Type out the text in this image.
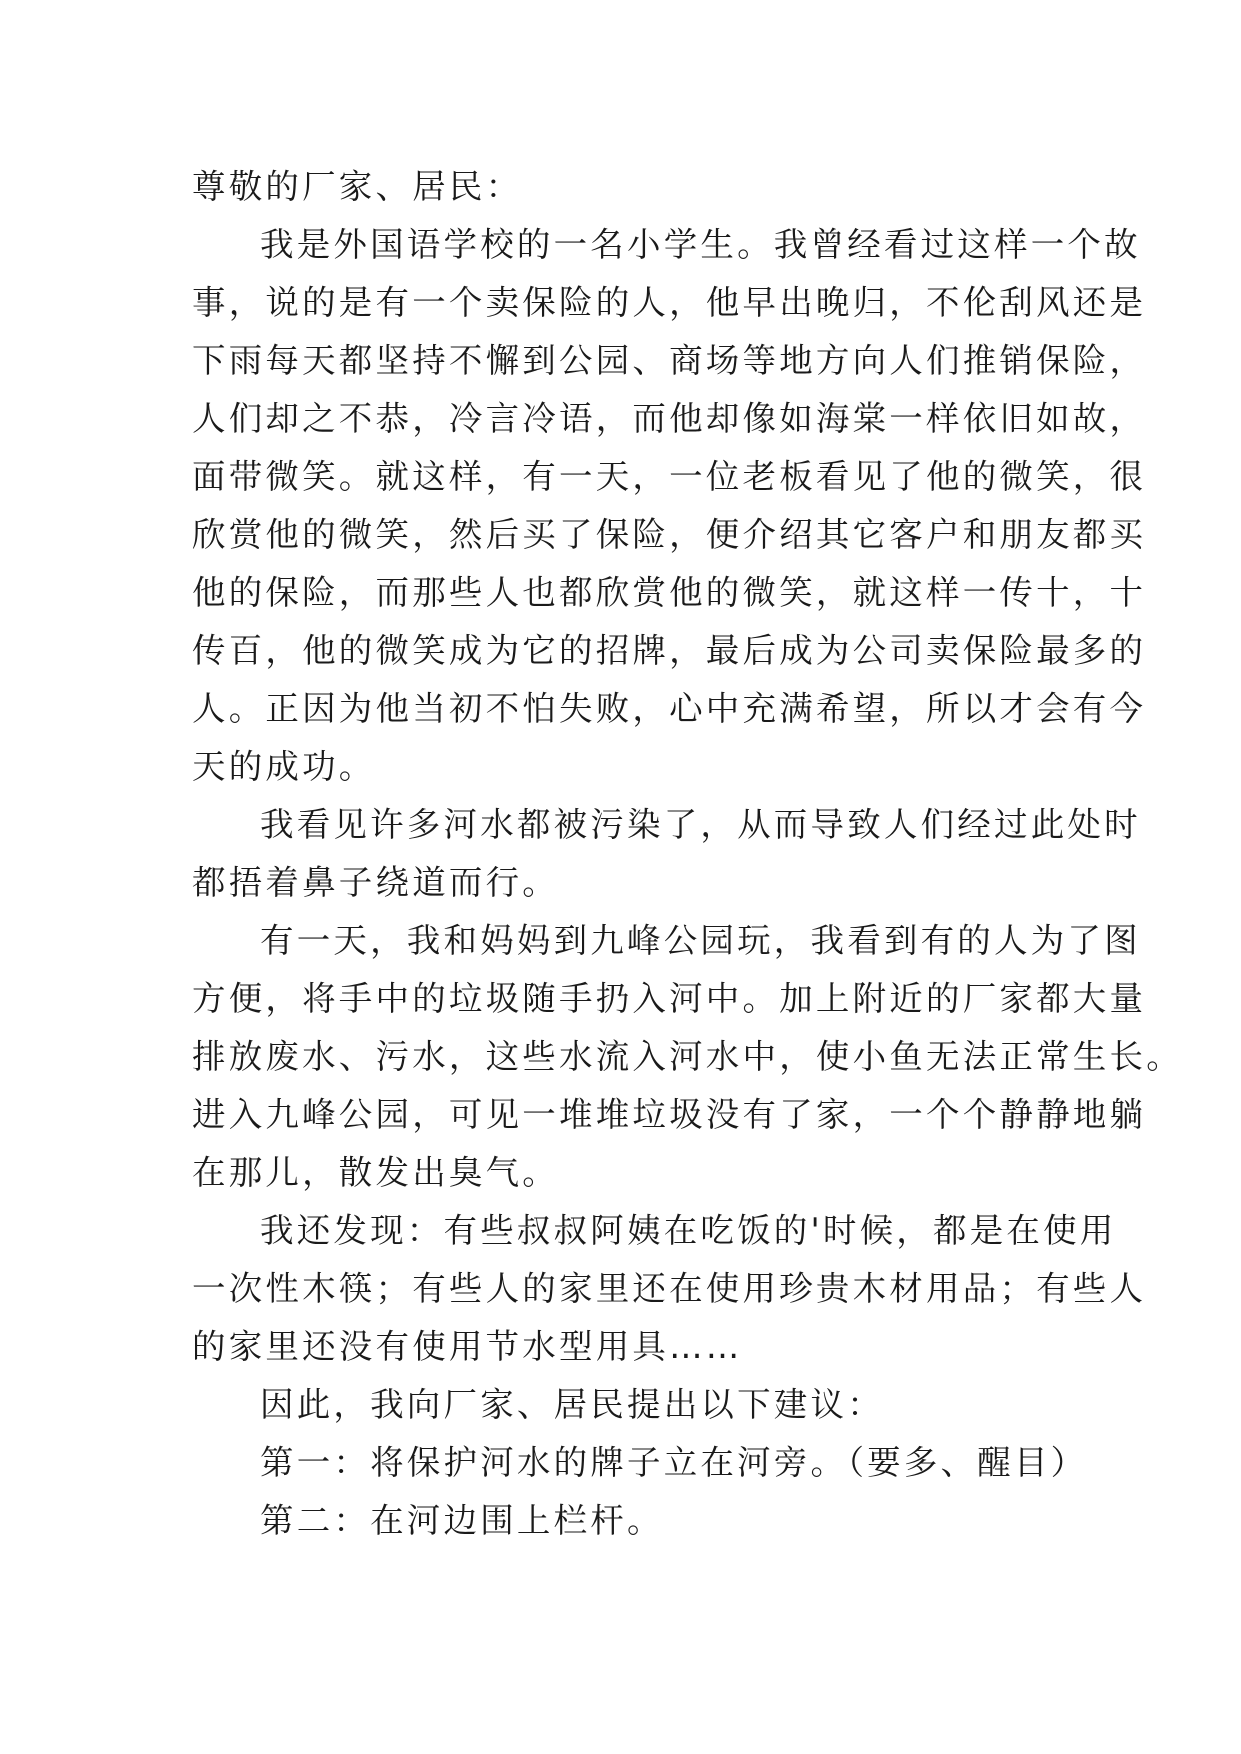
尊敬的厂家、居民：
我是外国语学校的一名小学生。我曾经看过这样一个故
事，说的是有一个卖保险的人，他早出晚归，不伦刮风还是
下雨每天都坚持不懈到公园、商场等地方向人们推销保险，
人们却之不恭，冷言冷语，而他却像如海棠一样依旧如故，
面带微笑。就这样，有一天，一位老板看见了他的微笑，很
欣赏他的微笑，然后买了保险，便介绍其它客户和朋友都买
他的保险，而那些人也都欣赏他的微笑，就这样一传十，十
传百，他的微笑成为它的招牌，最后成为公司卖保险最多的
人。正因为他当初不怕失败，心中充满希望，所以才会有今
天的成功。
我看见许多河水都被污染了，从而导致人们经过此处时
都捂着鼻子绕道而行。
有一天，我和妈妈到九峰公园玩，我看到有的人为了图
方便，将手中的垃圾随手扔入河中。加上附近的厂家都大量
排放废水、污水，这些水流入河水中，使小鱼无法正常生长。
进入九峰公园，可见一堆堆垃圾没有了家，一个个静静地躺
在那儿，散发出臭气。
我还发现：有些叔叔阿姨在吃饭的'时候，都是在使用
一次性木筷；有些人的家里还在使用珍贵木材用品；有些人
的家里还没有使用节水型用具……
因此，我向厂家、居民提出以下建议：
第一：将保护河水的牌子立在河旁。（要多、醒目）
第二：在河边围上栏杆。
